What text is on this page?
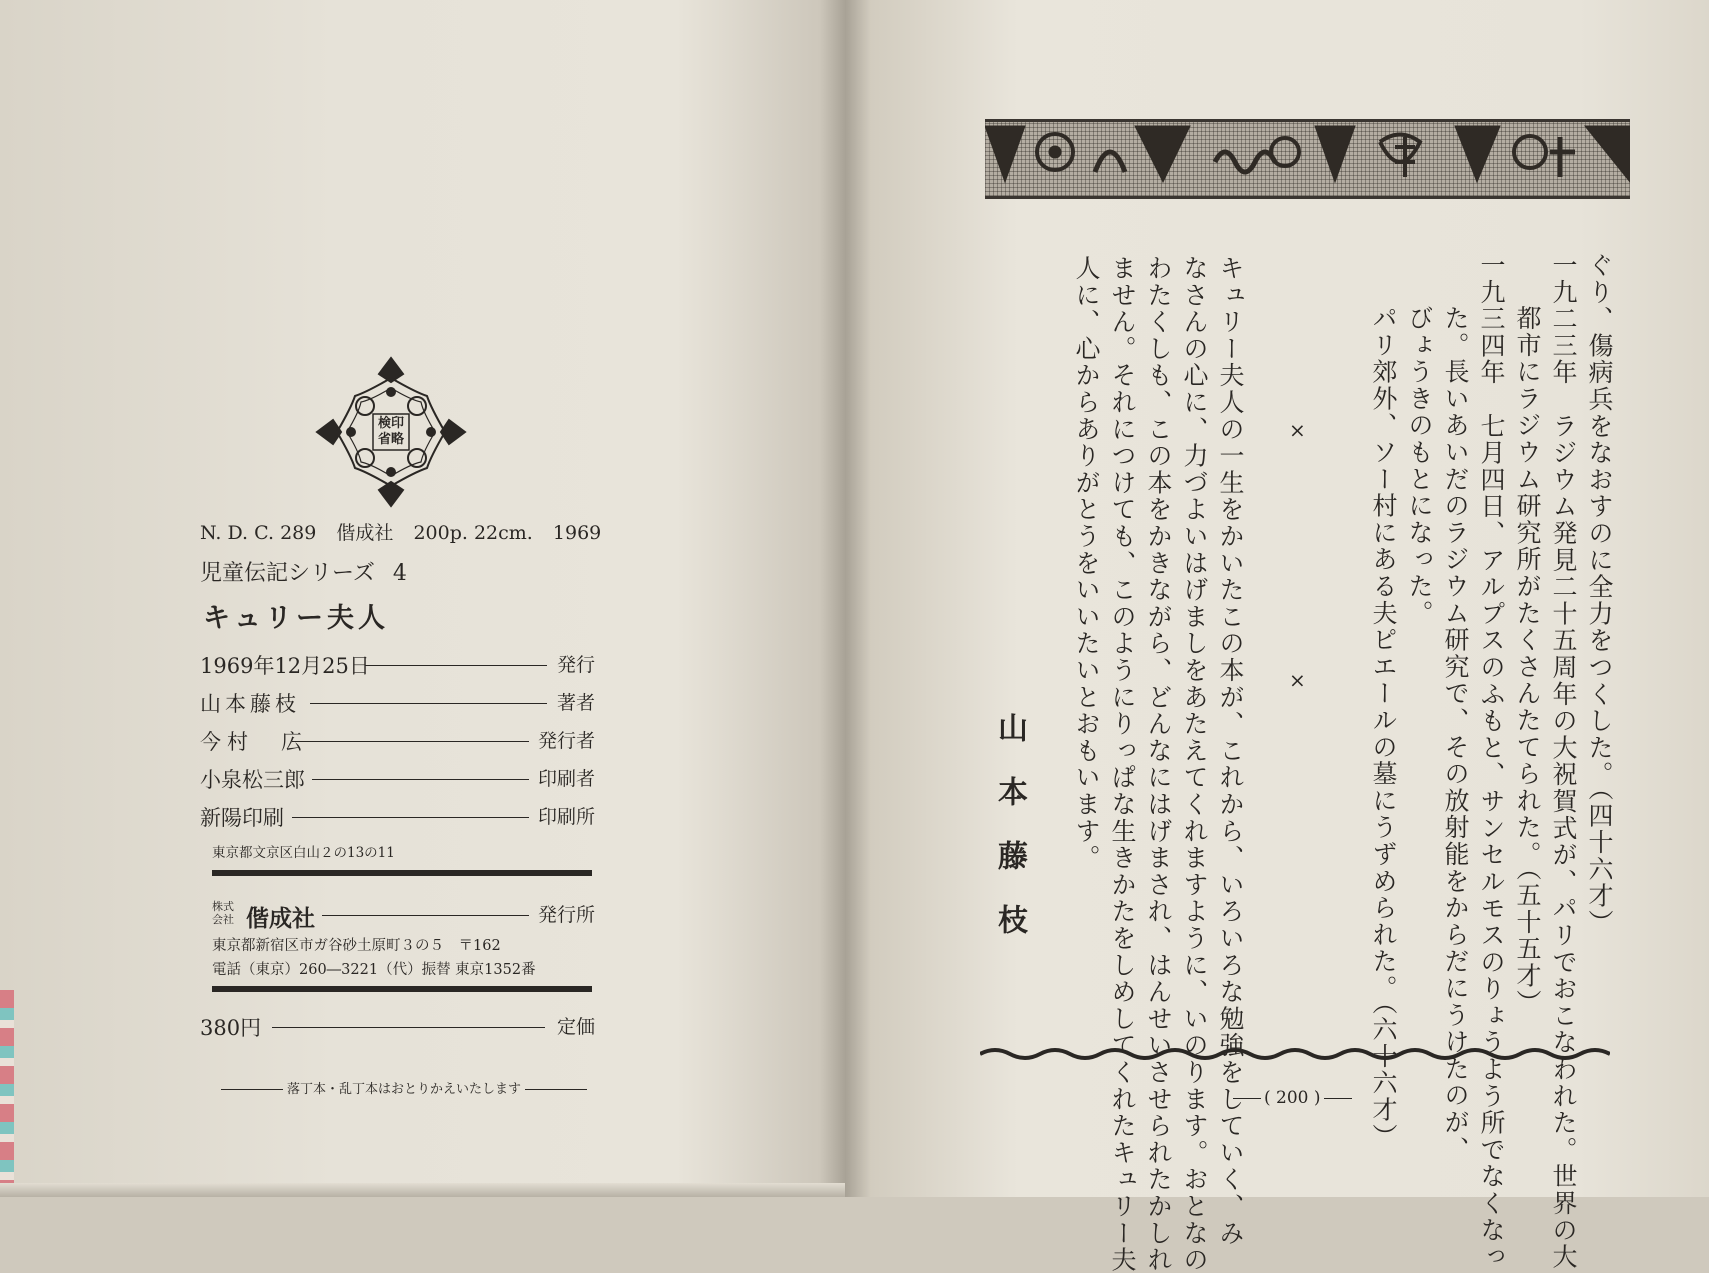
検印
省略
N. D. C. 289 偕成社 200p. 22cm. 1969
児童伝記シリーズ 4
キュリー夫人
1969年12月25日	発行
山本藤枝	著者
今村　広	発行者
小泉松三郎	印刷者
新陽印刷	印刷所
東京都文京区白山２の13の11
株式会社 偕成社	発行所
東京都新宿区市ガ谷砂土原町３の５　〒162
電話（東京）260―3221（代）振替 東京1352番
380円	定価
落丁本・乱丁本はおとりかえいたします
ぐり、傷病兵をなおすのに全力をつくした。（四十六才）
一九二三年　ラジウム発見二十五周年の大祝賀式が、パリでおこなわれた。世界の大
都市にラジウム研究所がたくさんたてられた。（五十五才）
一九三四年　七月四日、アルプスのふもと、サンセルモスのりょうよう所でなくなっ
た。長いあいだのラジウム研究で、その放射能をからだにうけたのが、
びょうきのもとになった。
パリ郊外、ソー村にある夫ピエールの墓にうずめられた。（六十六才）
×
×
キュリー夫人の一生をかいたこの本が、これから、いろいろな勉強をしていく、み
なさんの心に、力づよいはげましをあたえてくれますように、いのります。おとなの
わたくしも、この本をかきながら、どんなにはげまされ、はんせいさせられたかしれ
ません。それにつけても、このようにりっぱな生きかたをしめしてくれたキュリー夫
人に、心からありがとうをいいたいとおもいます。
山本藤枝
( 200 )
